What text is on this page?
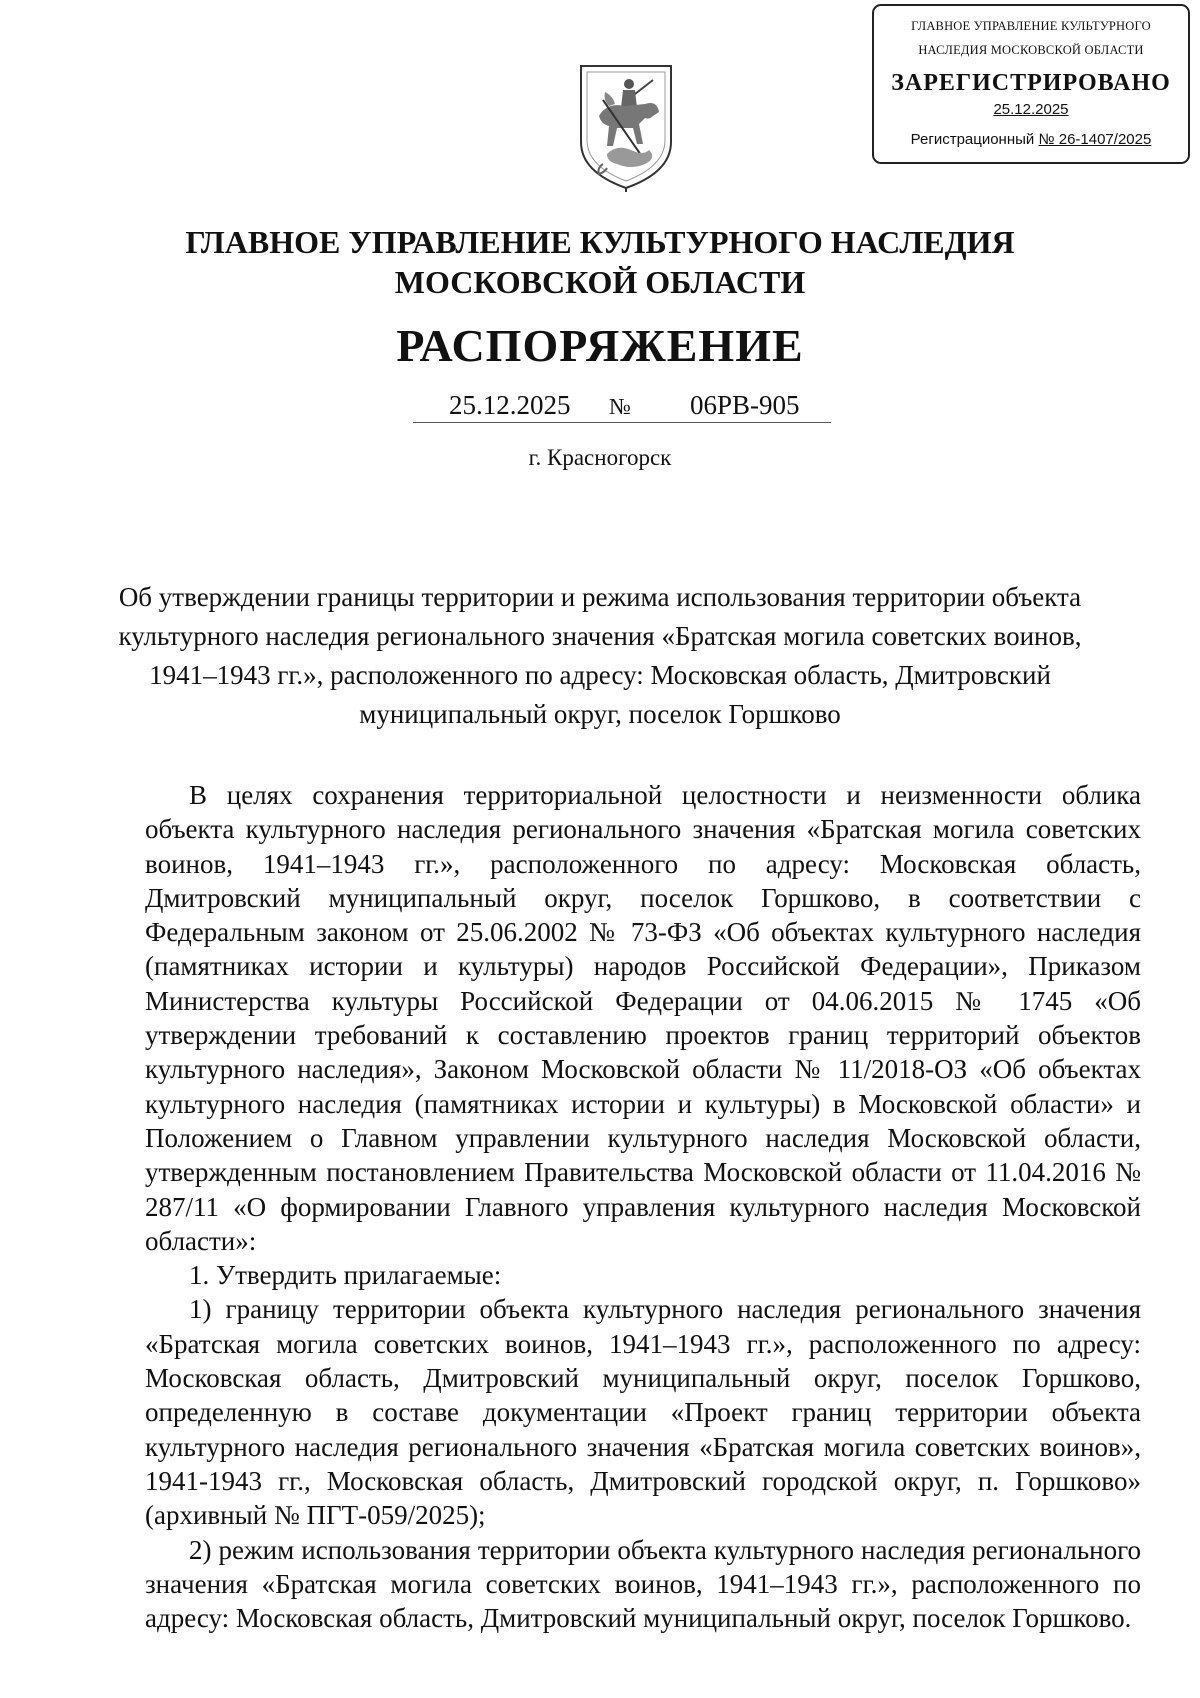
ГЛАВНОЕ УПРАВЛЕНИЕ КУЛЬТУРНОГО
НАСЛЕДИЯ МОСКОВСКОЙ ОБЛАСТИ
ЗАРЕГИСТРИРОВАНО
25.12.2025
Регистрационный № 26-1407/2025
ГЛАВНОЕ УПРАВЛЕНИЕ КУЛЬТУРНОГО НАСЛЕДИЯ
МОСКОВСКОЙ ОБЛАСТИ
РАСПОРЯЖЕНИЕ
25.12.2025 № 06РВ-905
г. Красногорск
Об утверждении границы территории и режима использования территории объекта
культурного наследия регионального значения «Братская могила советских воинов,
1941–1943 гг.», расположенного по адресу: Московская область, Дмитровский
муниципальный округ, поселок Горшково

В целях сохранения территориальной целостности и неизменности облика объекта культурного наследия регионального значения «Братская могила советских воинов, 1941–1943 гг.», расположенного по адресу: Московская область, Дмитровский муниципальный округ, поселок Горшково, в соответствии с Федеральным законом от 25.06.2002 № 73-ФЗ «Об объектах культурного наследия (памятниках истории и культуры) народов Российской Федерации», Приказом Министерства культуры Российской Федерации от 04.06.2015 № 1745 «Об утверждении требований к составлению проектов границ территорий объектов культурного наследия», Законом Московской области № 11/2018-ОЗ «Об объектах культурного наследия (памятниках истории и культуры) в Московской области» и Положением о Главном управлении культурного наследия Московской области, утвержденным постановлением Правительства Московской области от 11.04.2016 № 287/11 «О формировании Главного управления культурного наследия Московской области»:

1. Утвердить прилагаемые:

1) границу территории объекта культурного наследия регионального значения «Братская могила советских воинов, 1941–1943 гг.», расположенного по адресу: Московская область, Дмитровский муниципальный округ, поселок Горшково, определенную в составе документации «Проект границ территории объекта культурного наследия регионального значения «Братская могила советских воинов», 1941-1943 гг., Московская область, Дмитровский городской округ, п. Горшково» (архивный № ПГТ-059/2025);

2) режим использования территории объекта культурного наследия регионального значения «Братская могила советских воинов, 1941–1943 гг.», расположенного по адресу: Московская область, Дмитровский муниципальный округ, поселок Горшково.
